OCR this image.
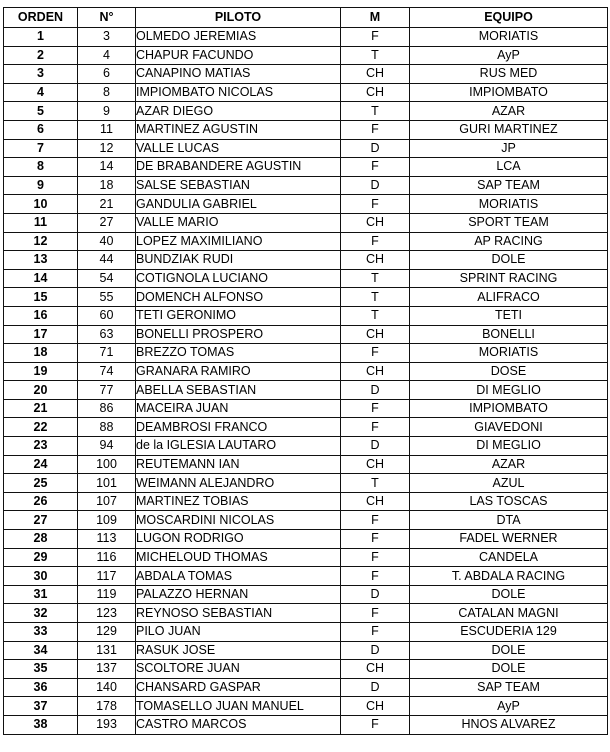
ORDEN	N°	PILOTO	M	EQUIPO
1	3	OLMEDO JEREMIAS	F	MORIATIS
2	4	CHAPUR FACUNDO	T	AyP
3	6	CANAPINO MATIAS	CH	RUS MED
4	8	IMPIOMBATO NICOLAS	CH	IMPIOMBATO
5	9	AZAR DIEGO	T	AZAR
6	11	MARTINEZ AGUSTIN	F	GURI MARTINEZ
7	12	VALLE LUCAS	D	JP
8	14	DE BRABANDERE AGUSTIN	F	LCA
9	18	SALSE SEBASTIAN	D	SAP TEAM
10	21	GANDULIA GABRIEL	F	MORIATIS
11	27	VALLE MARIO	CH	SPORT TEAM
12	40	LOPEZ MAXIMILIANO	F	AP RACING
13	44	BUNDZIAK RUDI	CH	DOLE
14	54	COTIGNOLA LUCIANO	T	SPRINT RACING
15	55	DOMENCH ALFONSO	T	ALIFRACO
16	60	TETI GERONIMO	T	TETI
17	63	BONELLI PROSPERO	CH	BONELLI
18	71	BREZZO TOMAS	F	MORIATIS
19	74	GRANARA RAMIRO	CH	DOSE
20	77	ABELLA SEBASTIAN	D	DI MEGLIO
21	86	MACEIRA JUAN	F	IMPIOMBATO
22	88	DEAMBROSI FRANCO	F	GIAVEDONI
23	94	de la IGLESIA LAUTARO	D	DI MEGLIO
24	100	REUTEMANN IAN	CH	AZAR
25	101	WEIMANN ALEJANDRO	T	AZUL
26	107	MARTINEZ TOBIAS	CH	LAS TOSCAS
27	109	MOSCARDINI NICOLAS	F	DTA
28	113	LUGON RODRIGO	F	FADEL WERNER
29	116	MICHELOUD THOMAS	F	CANDELA
30	117	ABDALA TOMAS	F	T. ABDALA RACING
31	119	PALAZZO HERNAN	D	DOLE
32	123	REYNOSO SEBASTIAN	F	CATALAN MAGNI
33	129	PILO JUAN	F	ESCUDERIA 129
34	131	RASUK JOSE	D	DOLE
35	137	SCOLTORE JUAN	CH	DOLE
36	140	CHANSARD GASPAR	D	SAP TEAM
37	178	TOMASELLO JUAN MANUEL	CH	AyP
38	193	CASTRO MARCOS	F	HNOS ALVAREZ
